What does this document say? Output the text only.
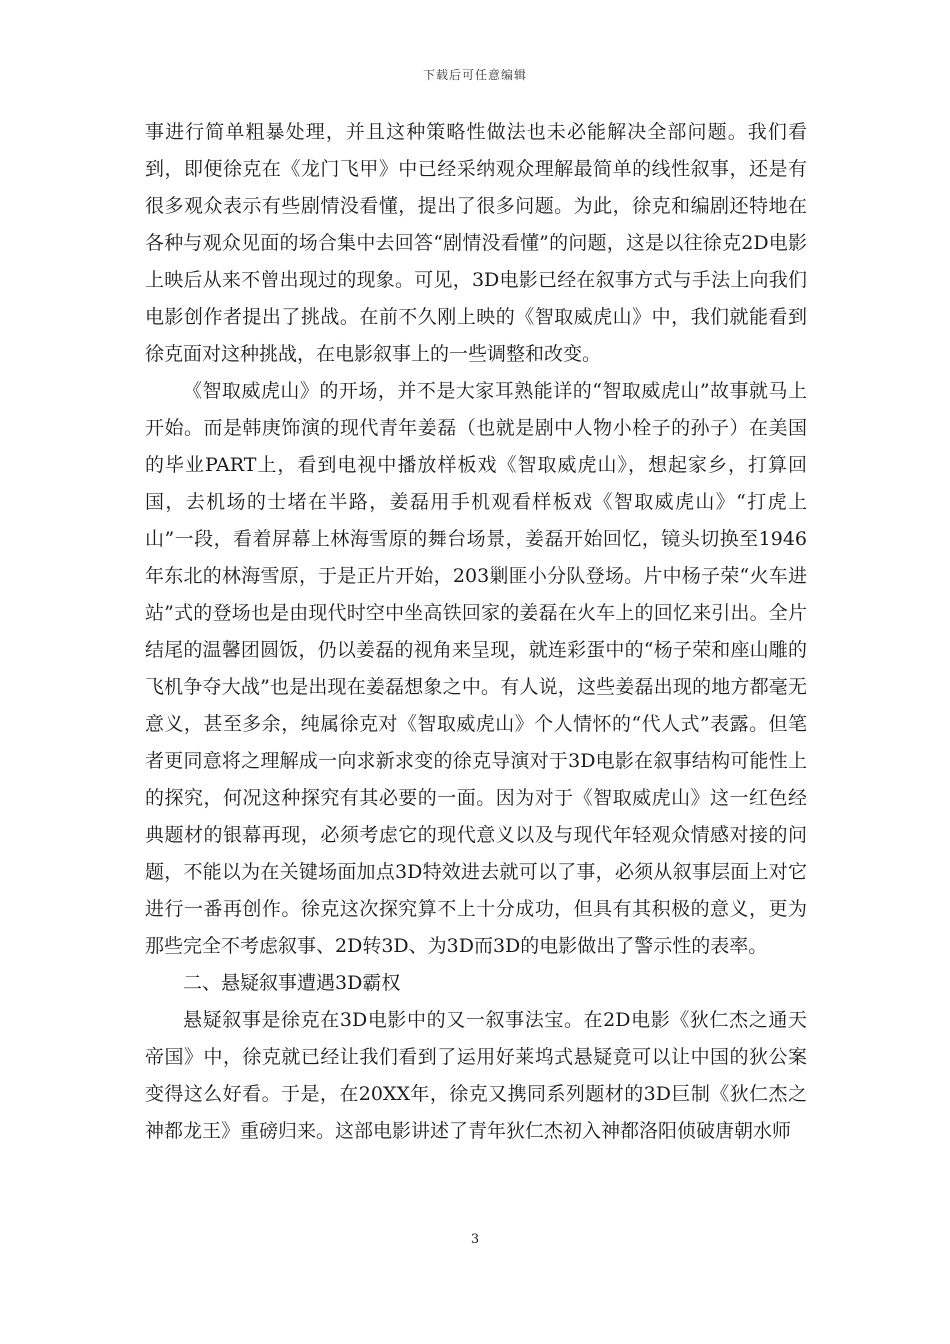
下载后可任意编辑

事进行简单粗暴处理，并且这种策略性做法也未必能解决全部问题。我们看到，即便徐克在《龙门飞甲》中已经采纳观众理解最简单的线性叙事，还是有很多观众表示有些剧情没看懂，提出了很多问题。为此，徐克和编剧还特地在各种与观众见面的场合集中去回答“剧情没看懂”的问题，这是以往徐克2D电影上映后从来不曾出现过的现象。可见，3D电影已经在叙事方式与手法上向我们电影创作者提出了挑战。在前不久刚上映的《智取威虎山》中，我们就能看到徐克面对这种挑战，在电影叙事上的一些调整和改变。

《智取威虎山》的开场，并不是大家耳熟能详的“智取威虎山”故事就马上开始。而是韩庚饰演的现代青年姜磊（也就是剧中人物小栓子的孙子）在美国的毕业PART上，看到电视中播放样板戏《智取威虎山》，想起家乡，打算回国，去机场的士堵在半路，姜磊用手机观看样板戏《智取威虎山》“打虎上山”一段，看着屏幕上林海雪原的舞台场景，姜磊开始回忆，镜头切换至1946年东北的林海雪原，于是正片开始，203剿匪小分队登场。片中杨子荣“火车进站”式的登场也是由现代时空中坐高铁回家的姜磊在火车上的回忆来引出。全片结尾的温馨团圆饭，仍以姜磊的视角来呈现，就连彩蛋中的“杨子荣和座山雕的飞机争夺大战”也是出现在姜磊想象之中。有人说，这些姜磊出现的地方都毫无意义，甚至多余，纯属徐克对《智取威虎山》个人情怀的“代人式”表露。但笔者更同意将之理解成一向求新求变的徐克导演对于3D电影在叙事结构可能性上的探究，何况这种探究有其必要的一面。因为对于《智取威虎山》这一红色经典题材的银幕再现，必须考虑它的现代意义以及与现代年轻观众情感对接的问题，不能以为在关键场面加点3D特效进去就可以了事，必须从叙事层面上对它进行一番再创作。徐克这次探究算不上十分成功，但具有其积极的意义，更为那些完全不考虑叙事、2D转3D、为3D而3D的电影做出了警示性的表率。

二、悬疑叙事遭遇3D霸权

悬疑叙事是徐克在3D电影中的又一叙事法宝。在2D电影《狄仁杰之通天帝国》中，徐克就已经让我们看到了运用好莱坞式悬疑竟可以让中国的狄公案变得这么好看。于是，在20XX年，徐克又携同系列题材的3D巨制《狄仁杰之神都龙王》重磅归来。这部电影讲述了青年狄仁杰初入神都洛阳侦破唐朝水师

3
